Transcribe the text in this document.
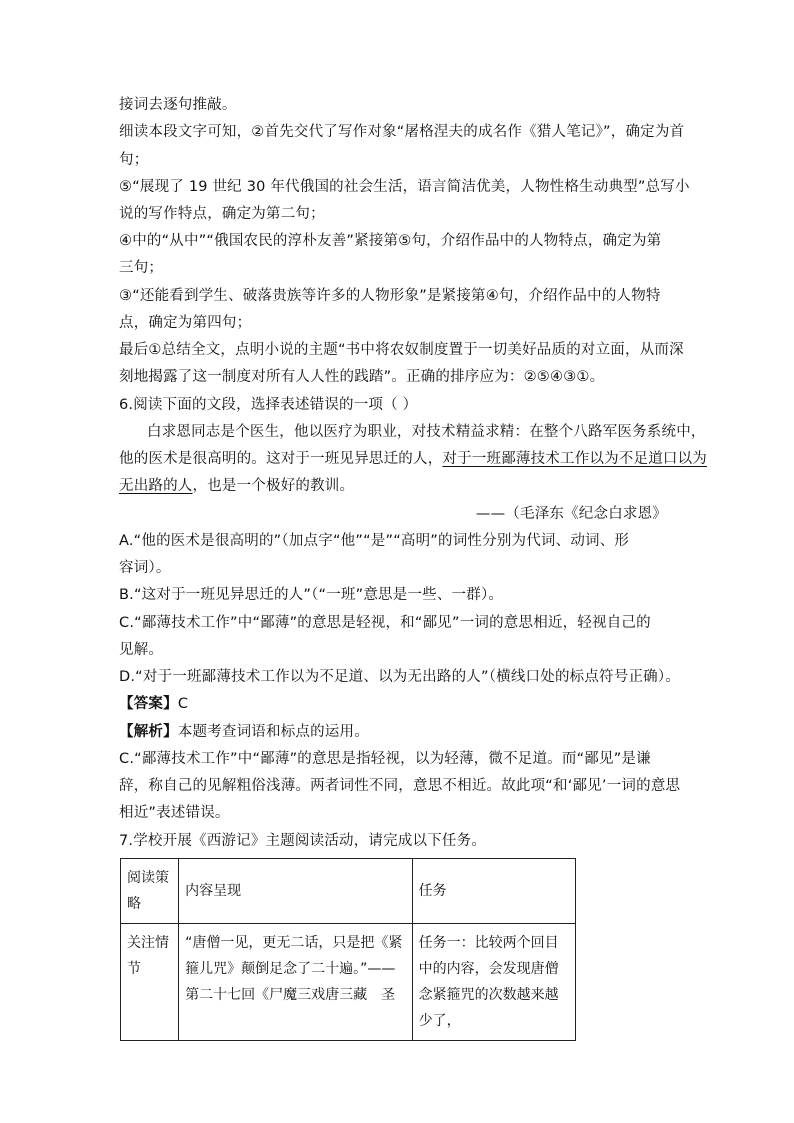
接词去逐句推敲。
细读本段文字可知，②首先交代了写作对象“屠格涅夫的成名作《猎人笔记》”，确定为首
句；
⑤“展现了 19 世纪 30 年代俄国的社会生活，语言简洁优美，人物性格生动典型”总写小
说的写作特点，确定为第二句；
④中的“从中”“俄国农民的淳朴友善”紧接第⑤句，介绍作品中的人物特点，确定为第
三句；
③“还能看到学生、破落贵族等许多的人物形象”是紧接第④句，介绍作品中的人物特
点，确定为第四句；
最后①总结全文，点明小说的主题“书中将农奴制度置于一切美好品质的对立面，从而深
刻地揭露了这一制度对所有人人性的践踏”。正确的排序应为：②⑤④③①。
6.阅读下面的文段，选择表述错误的一项（ ）
白求恩同志是个医生，他以医疗为职业，对技术精益求精：在整个八路军医务系统中，
他的医术是很高明的。这对于一班见异思迁的人，对于一班鄙薄技术工作以为不足道口以为
无出路的人，也是一个极好的教训。
——（毛泽东《纪念白求恩》
A.“他的医术是很高明的”（加点字“他”“是”“高明”的词性分别为代词、动词、形
容词）。
B.“这对于一班见异思迁的人”（“一班”意思是一些、一群）。
C.“鄙薄技术工作”中“鄙薄”的意思是轻视，和“鄙见”一词的意思相近，轻视自己的
见解。
D.“对于一班鄙薄技术工作以为不足道、以为无出路的人”（横线口处的标点符号正确）。
【答案】C
【解析】本题考查词语和标点的运用。
C.“鄙薄技术工作”中“鄙薄”的意思是指轻视，以为轻薄，微不足道。而“鄙见”是谦
辞，称自己的见解粗俗浅薄。两者词性不同，意思不相近。故此项“和‘鄙见’一词的意思
相近”表述错误。
7.学校开展《西游记》主题阅读活动，请完成以下任务。
阅读策略	内容呈现	任务
关注情节	“唐僧一见，更无二话，只是把《紧箍儿咒》颠倒足念了二十遍。”——第二十七回《尸魔三戏唐三藏　圣	任务一：比较两个回目中的内容，会发现唐僧念紧箍咒的次数越来越少了，
